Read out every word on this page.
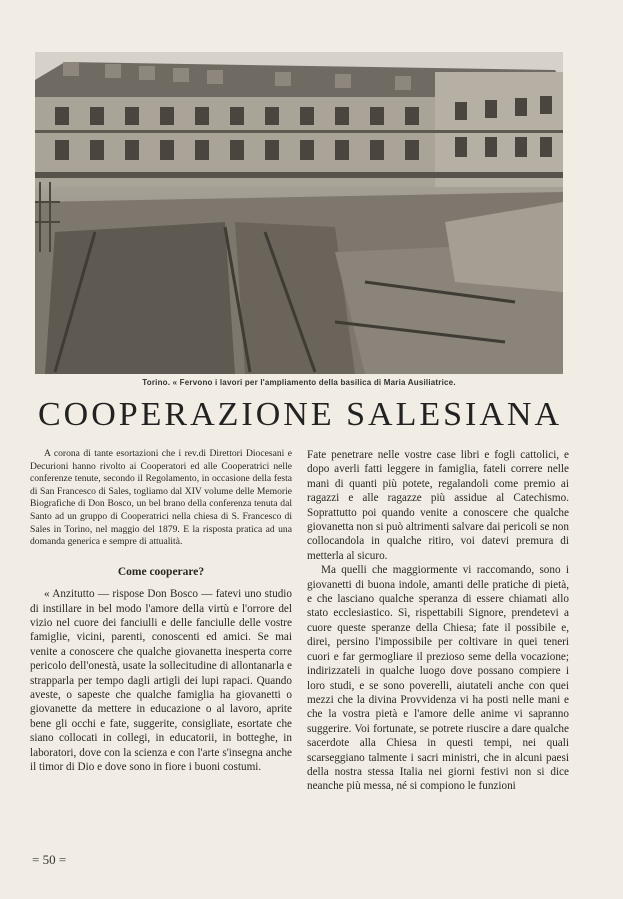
Torino. « Fervono i lavori per l'ampliamento della basilica di Maria Ausiliatrice.
COOPERAZIONE SALESIANA

A corona di tante esortazioni che i rev.di Direttori Diocesani e Decurioni hanno rivolto ai Cooperatori ed alle Cooperatrici nelle conferenze tenute, secondo il Regolamento, in occasione della festa di San Francesco di Sales, togliamo dal XIV volume delle Memorie Biografiche di Don Bosco, un bel brano della conferenza tenuta dal Santo ad un gruppo di Cooperatrici nella chiesa di S. Francesco di Sales in Torino, nel maggio del 1879. E la risposta pratica ad una domanda generica e sempre di attualità.

Come cooperare?

« Anzitutto — rispose Don Bosco — fatevi uno studio di instillare in bel modo l'amore della virtù e l'orrore del vizio nel cuore dei fanciulli e delle fanciulle delle vostre famiglie, vicini, parenti, conoscenti ed amici. Se mai venite a conoscere che qualche giovanetta inesperta corre pericolo dell'onestà, usate la sollecitudine di allontanarla e strapparla per tempo dagli artigli dei lupi rapaci. Quando aveste, o sapeste che qualche famiglia ha giovanetti o giovanette da mettere in educazione o al lavoro, aprite bene gli occhi e fate, suggerite, consigliate, esortate che siano collocati in collegi, in educatorii, in botteghe, in laboratori, dove con la scienza e con l'arte s'insegna anche il timor di Dio e dove sono in fiore i buoni costumi.

Fate penetrare nelle vostre case libri e fogli cattolici, e dopo averli fatti leggere in famiglia, fateli correre nelle mani di quanti più potete, regalandoli come premio ai ragazzi e alle ragazze più assidue al Catechismo. Soprattutto poi quando venite a conoscere che qualche giovanetta non si può altrimenti salvare dai pericoli se non collocandola in qualche ritiro, voi datevi premura di metterla al sicuro.

Ma quelli che maggiormente vi raccomando, sono i giovanetti di buona indole, amanti delle pratiche di pietà, e che lasciano qualche speranza di essere chiamati allo stato ecclesiastico. Sì, rispettabili Signore, prendetevi a cuore queste speranze della Chiesa; fate il possibile e, direi, persino l'impossibile per coltivare in quei teneri cuori e far germogliare il prezioso seme della vocazione; indirizzateli in qualche luogo dove possano compiere i loro studi, e se sono poverelli, aiutateli anche con quei mezzi che la divina Provvidenza vi ha posti nelle mani e che la vostra pietà e l'amore delle anime vi sapranno suggerire. Voi fortunate, se potrete riuscire a dare qualche sacerdote alla Chiesa in questi tempi, nei quali scarseggiano talmente i sacri ministri, che in alcuni paesi della nostra stessa Italia nei giorni festivi non si dice neanche più messa, né si compiono le funzioni

= 50 =
